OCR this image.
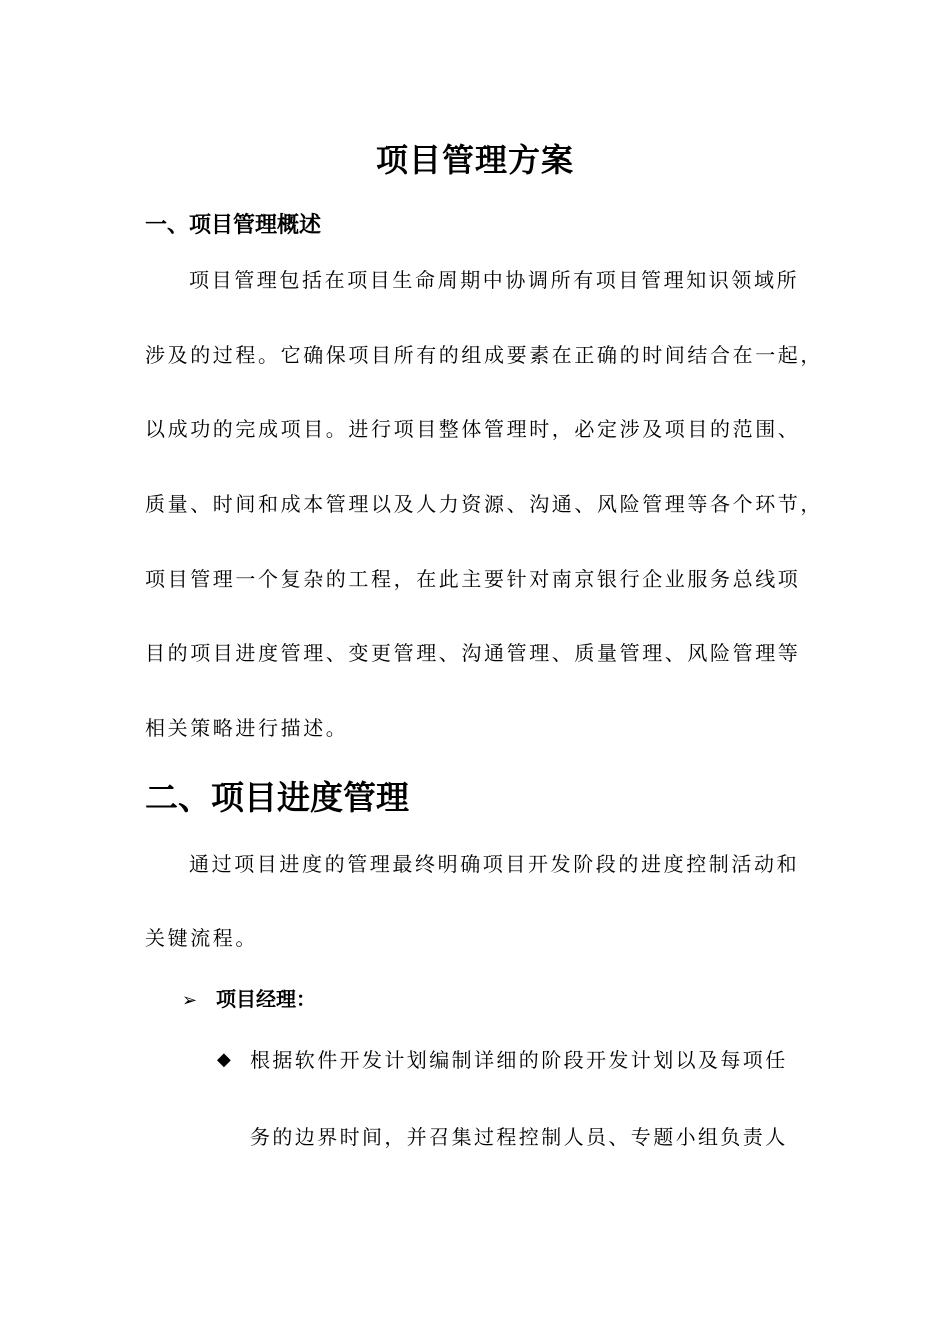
项目管理方案
一、项目管理概述
项目管理包括在项目生命周期中协调所有项目管理知识领域所
涉及的过程。它确保项目所有的组成要素在正确的时间结合在一起，
以成功的完成项目。进行项目整体管理时，必定涉及项目的范围、
质量、时间和成本管理以及人力资源、沟通、风险管理等各个环节，
项目管理一个复杂的工程，在此主要针对南京银行企业服务总线项
目的项目进度管理、变更管理、沟通管理、质量管理、风险管理等
相关策略进行描述。
二、项目进度管理
通过项目进度的管理最终明确项目开发阶段的进度控制活动和
关键流程。
➢ 项目经理：
◆ 根据软件开发计划编制详细的阶段开发计划以及每项任
务的边界时间，并召集过程控制人员、专题小组负责人
